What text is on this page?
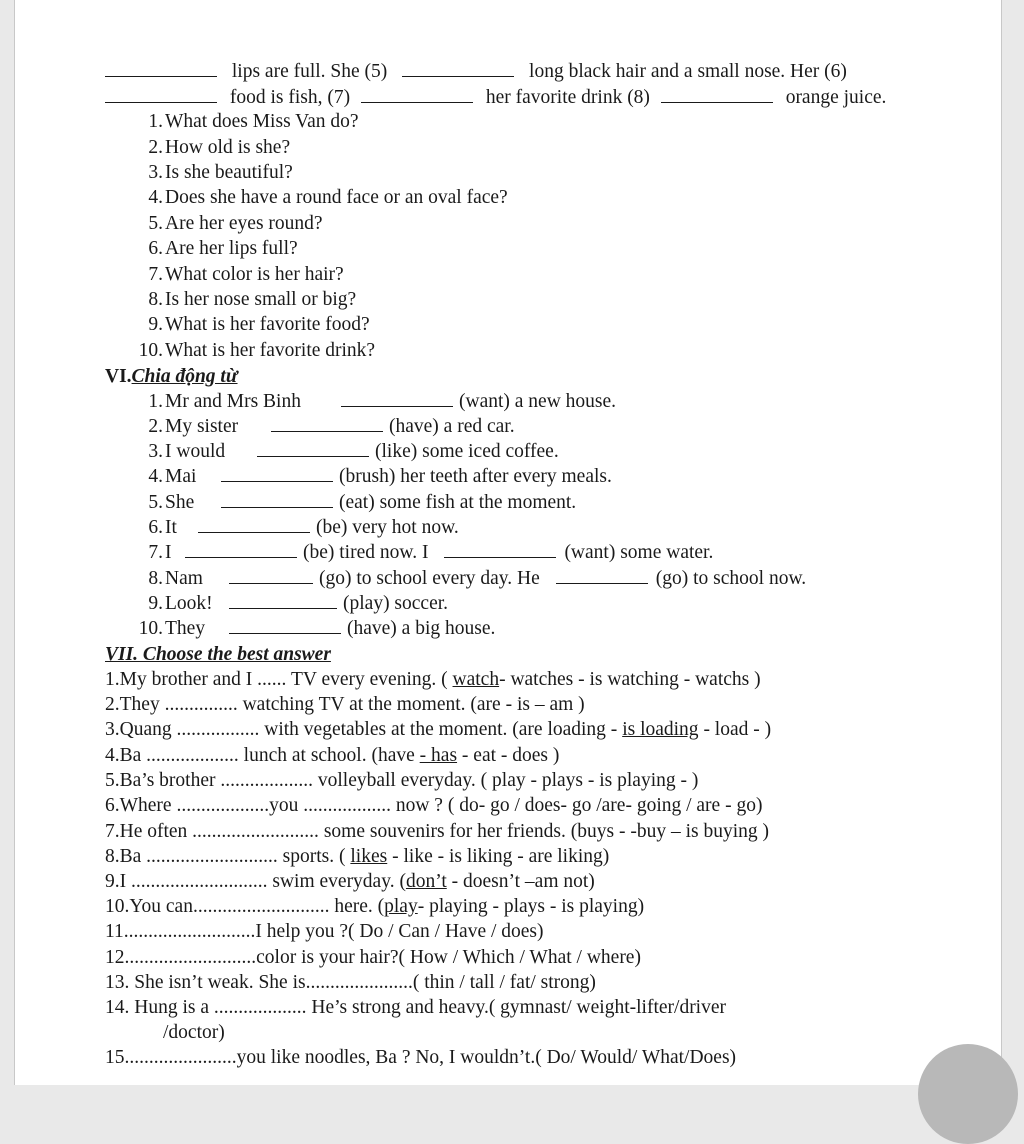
lips are full. She (5)	long black hair and a small nose. Her (6)
food is fish, (7)	her favorite drink (8)	orange juice.
1. What does Miss Van do?
2. How old is she?
3. Is she beautiful?
4. Does she have a round face or an oval face?
5. Are her eyes round?
6. Are her lips full?
7. What color is her hair?
8. Is her nose small or big?
9. What is her favorite food?
10. What is her favorite drink?
VI.Chia động từ
1. Mr and Mrs Binh	(want) a new house.
2. My sister	(have) a red car.
3. I would	(like) some iced coffee.
4. Mai	(brush) her teeth after every meals.
5. She	(eat) some fish at the moment.
6. It	(be) very hot now.
7. I	(be) tired now. I	(want) some water.
8. Nam	(go) to school every day. He	(go) to school now.
9. Look!	(play) soccer.
10. They	(have) a big house.
VII. Choose the best answer
1.My brother and I ...... TV every evening. ( watch- watches - is watching - watchs )
2.They ............... watching TV at the moment. (are - is – am )
3.Quang ................. with vegetables at the moment. (are loading - is loading - load - )
4.Ba ................... lunch at school. (have - has - eat - does )
5.Ba’s brother ................... volleyball everyday. ( play - plays - is playing - )
6.Where ...................you .................. now ? ( do- go / does- go /are- going / are - go)
7.He often .......................... some souvenirs for her friends. (buys - -buy – is buying )
8.Ba ........................... sports. ( likes - like - is liking - are liking)
9.I ............................ swim everyday. (don’t - doesn’t –am not)
10.You can............................ here. (play- playing - plays - is playing)
11...........................I help you ?( Do / Can / Have / does)
12...........................color is your hair?( How / Which / What / where)
13. She isn’t weak. She is......................( thin / tall / fat/ strong)
14. Hung is a ................... He’s strong and heavy.( gymnast/ weight-lifter/driver
/doctor)
15.......................you like noodles, Ba ? No, I wouldn’t.( Do/ Would/ What/Does)
